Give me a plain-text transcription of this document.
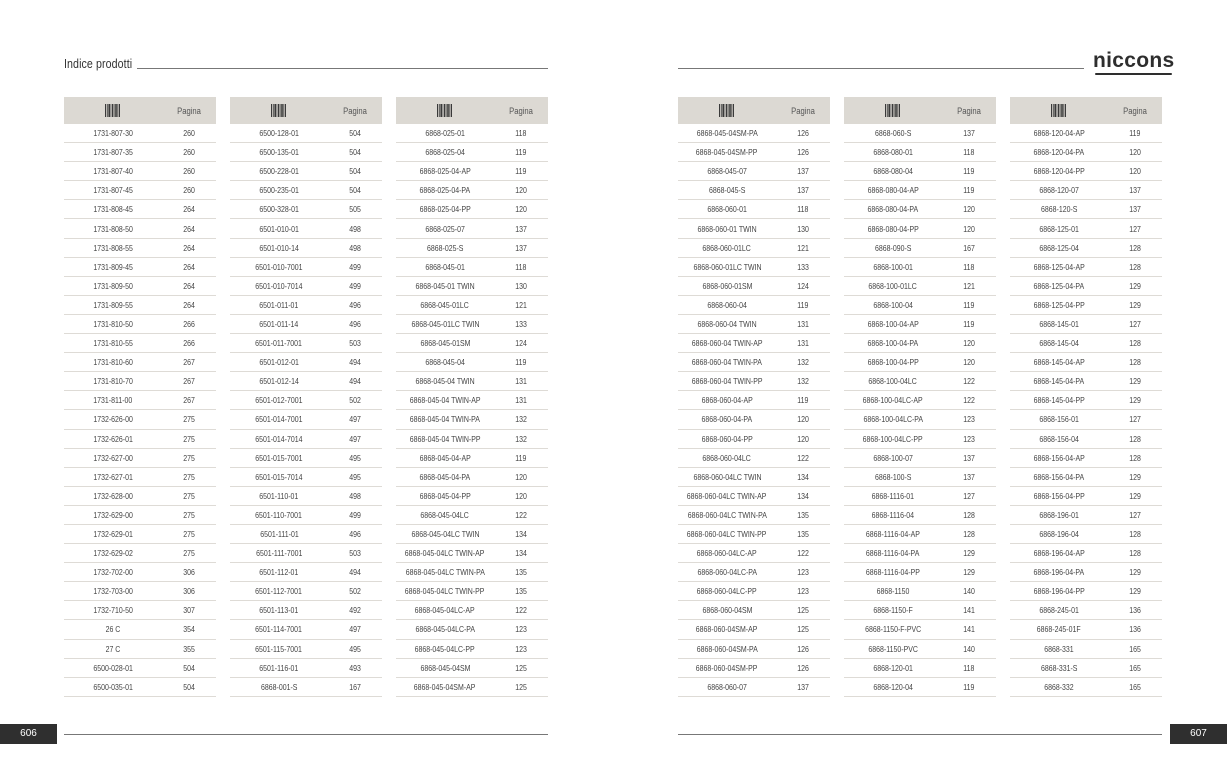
Indice prodotti	niccons
Pagina
1731-807-30	260
1731-807-35	260
1731-807-40	260
1731-807-45	260
1731-808-45	264
1731-808-50	264
1731-808-55	264
1731-809-45	264
1731-809-50	264
1731-809-55	264
1731-810-50	266
1731-810-55	266
1731-810-60	267
1731-810-70	267
1731-811-00	267
1732-626-00	275
1732-626-01	275
1732-627-00	275
1732-627-01	275
1732-628-00	275
1732-629-00	275
1732-629-01	275
1732-629-02	275
1732-702-00	306
1732-703-00	306
1732-710-50	307
26 C	354
27 C	355
6500-028-01	504
6500-035-01	504
Pagina
6500-128-01	504
6500-135-01	504
6500-228-01	504
6500-235-01	504
6500-328-01	505
6501-010-01	498
6501-010-14	498
6501-010-7001	499
6501-010-7014	499
6501-011-01	496
6501-011-14	496
6501-011-7001	503
6501-012-01	494
6501-012-14	494
6501-012-7001	502
6501-014-7001	497
6501-014-7014	497
6501-015-7001	495
6501-015-7014	495
6501-110-01	498
6501-110-7001	499
6501-111-01	496
6501-111-7001	503
6501-112-01	494
6501-112-7001	502
6501-113-01	492
6501-114-7001	497
6501-115-7001	495
6501-116-01	493
6868-001-S	167
Pagina
6868-025-01	118
6868-025-04	119
6868-025-04-AP	119
6868-025-04-PA	120
6868-025-04-PP	120
6868-025-07	137
6868-025-S	137
6868-045-01	118
6868-045-01 TWIN	130
6868-045-01LC	121
6868-045-01LC TWIN	133
6868-045-01SM	124
6868-045-04	119
6868-045-04 TWIN	131
6868-045-04 TWIN-AP	131
6868-045-04 TWIN-PA	132
6868-045-04 TWIN-PP	132
6868-045-04-AP	119
6868-045-04-PA	120
6868-045-04-PP	120
6868-045-04LC	122
6868-045-04LC TWIN	134
6868-045-04LC TWIN-AP	134
6868-045-04LC TWIN-PA	135
6868-045-04LC TWIN-PP	135
6868-045-04LC-AP	122
6868-045-04LC-PA	123
6868-045-04LC-PP	123
6868-045-04SM	125
6868-045-04SM-AP	125
Pagina
6868-045-04SM-PA	126
6868-045-04SM-PP	126
6868-045-07	137
6868-045-S	137
6868-060-01	118
6868-060-01 TWIN	130
6868-060-01LC	121
6868-060-01LC TWIN	133
6868-060-01SM	124
6868-060-04	119
6868-060-04 TWIN	131
6868-060-04 TWIN-AP	131
6868-060-04 TWIN-PA	132
6868-060-04 TWIN-PP	132
6868-060-04-AP	119
6868-060-04-PA	120
6868-060-04-PP	120
6868-060-04LC	122
6868-060-04LC TWIN	134
6868-060-04LC TWIN-AP	134
6868-060-04LC TWIN-PA	135
6868-060-04LC TWIN-PP	135
6868-060-04LC-AP	122
6868-060-04LC-PA	123
6868-060-04LC-PP	123
6868-060-04SM	125
6868-060-04SM-AP	125
6868-060-04SM-PA	126
6868-060-04SM-PP	126
6868-060-07	137
Pagina
6868-060-S	137
6868-080-01	118
6868-080-04	119
6868-080-04-AP	119
6868-080-04-PA	120
6868-080-04-PP	120
6868-090-S	167
6868-100-01	118
6868-100-01LC	121
6868-100-04	119
6868-100-04-AP	119
6868-100-04-PA	120
6868-100-04-PP	120
6868-100-04LC	122
6868-100-04LC-AP	122
6868-100-04LC-PA	123
6868-100-04LC-PP	123
6868-100-07	137
6868-100-S	137
6868-1116-01	127
6868-1116-04	128
6868-1116-04-AP	128
6868-1116-04-PA	129
6868-1116-04-PP	129
6868-1150	140
6868-1150-F	141
6868-1150-F-PVC	141
6868-1150-PVC	140
6868-120-01	118
6868-120-04	119
Pagina
6868-120-04-AP	119
6868-120-04-PA	120
6868-120-04-PP	120
6868-120-07	137
6868-120-S	137
6868-125-01	127
6868-125-04	128
6868-125-04-AP	128
6868-125-04-PA	129
6868-125-04-PP	129
6868-145-01	127
6868-145-04	128
6868-145-04-AP	128
6868-145-04-PA	129
6868-145-04-PP	129
6868-156-01	127
6868-156-04	128
6868-156-04-AP	128
6868-156-04-PA	129
6868-156-04-PP	129
6868-196-01	127
6868-196-04	128
6868-196-04-AP	128
6868-196-04-PA	129
6868-196-04-PP	129
6868-245-01	136
6868-245-01F	136
6868-331	165
6868-331-S	165
6868-332	165
606	607
